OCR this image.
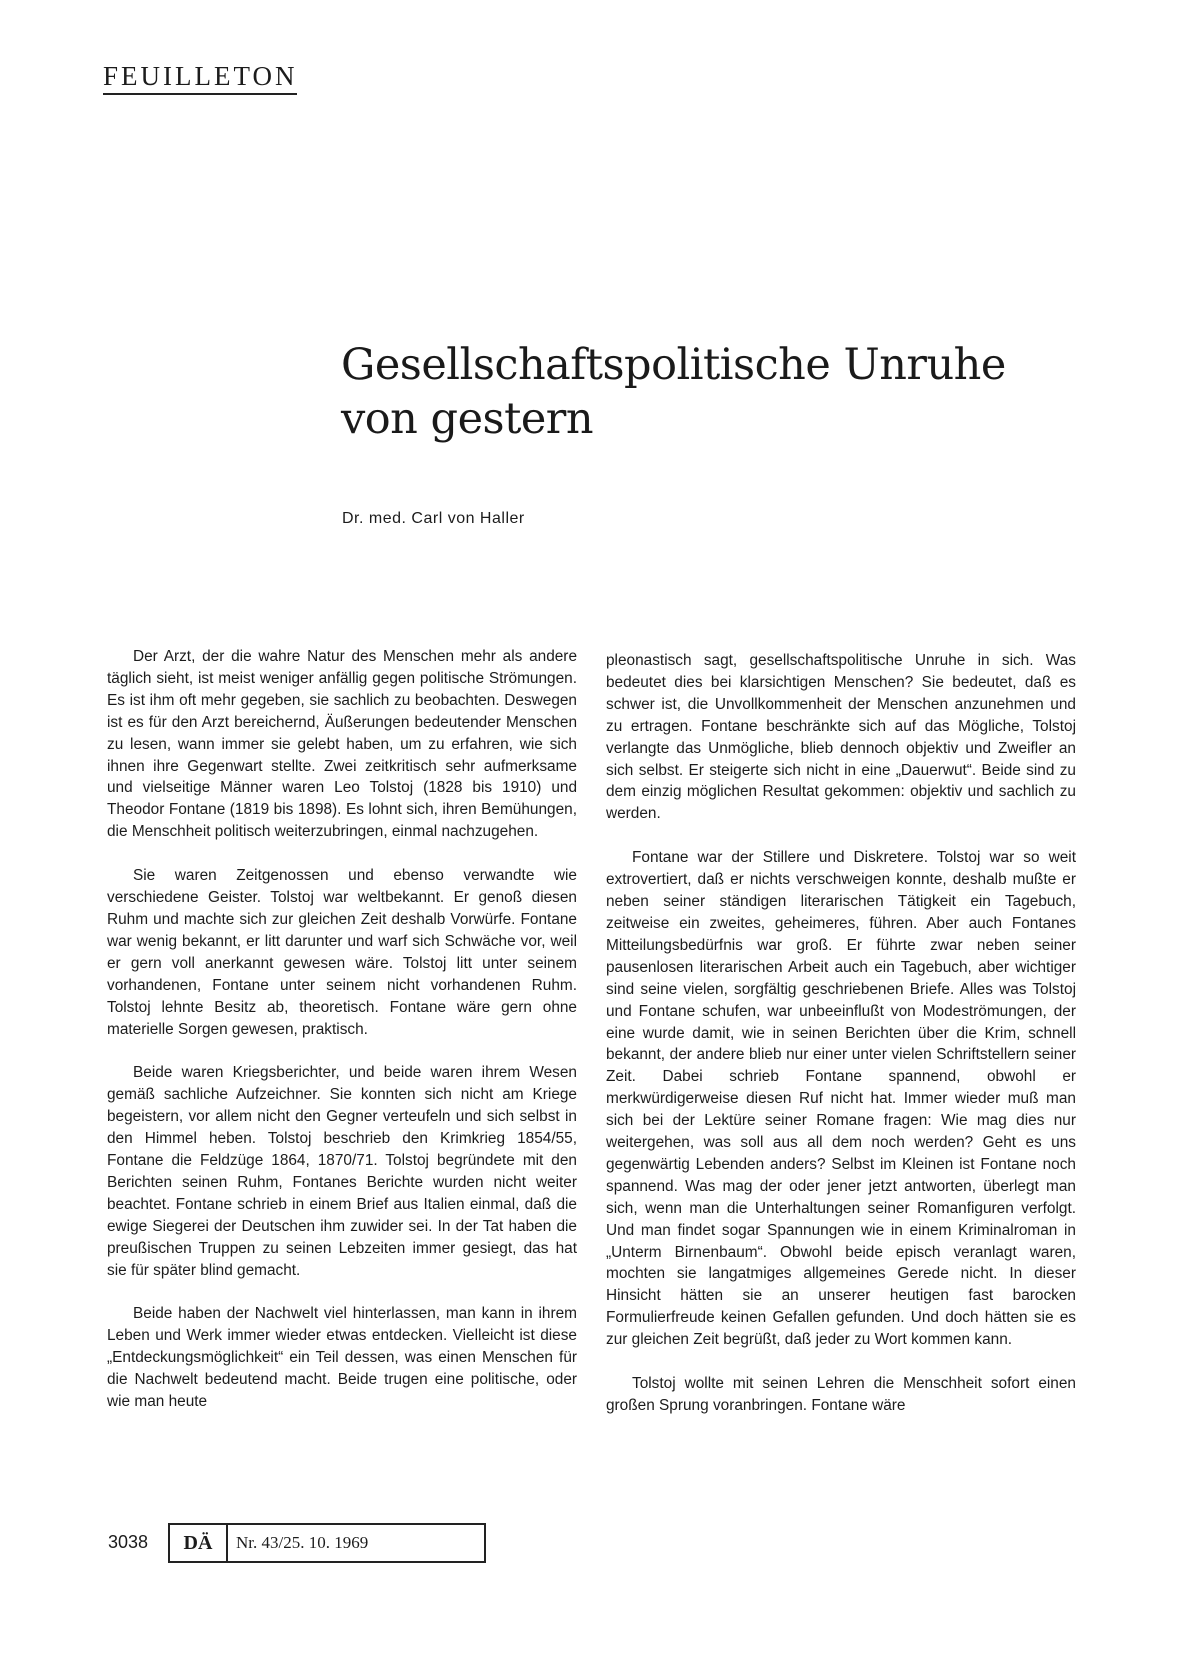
FEUILLETON
Gesellschaftspolitische Unruhe
von gestern
Dr. med. Carl von Haller

Der Arzt, der die wahre Natur des Menschen mehr als andere täglich sieht, ist meist weniger anfällig gegen politische Strömungen. Es ist ihm oft mehr gegeben, sie sachlich zu beobachten. Deswegen ist es für den Arzt bereichernd, Äußerungen bedeutender Menschen zu lesen, wann immer sie gelebt haben, um zu erfahren, wie sich ihnen ihre Gegenwart stellte. Zwei zeitkritisch sehr aufmerksame und vielseitige Männer waren Leo Tolstoj (1828 bis 1910) und Theodor Fontane (1819 bis 1898). Es lohnt sich, ihren Bemühungen, die Menschheit politisch weiterzubringen, einmal nachzugehen.

Sie waren Zeitgenossen und ebenso verwandte wie verschiedene Geister. Tolstoj war weltbekannt. Er genoß diesen Ruhm und machte sich zur gleichen Zeit deshalb Vorwürfe. Fontane war wenig bekannt, er litt darunter und warf sich Schwäche vor, weil er gern voll anerkannt gewesen wäre. Tolstoj litt unter seinem vorhandenen, Fontane unter seinem nicht vorhandenen Ruhm. Tolstoj lehnte Besitz ab, theoretisch. Fontane wäre gern ohne materielle Sorgen gewesen, praktisch.

Beide waren Kriegsberichter, und beide waren ihrem Wesen gemäß sachliche Aufzeichner. Sie konnten sich nicht am Kriege begeistern, vor allem nicht den Gegner verteufeln und sich selbst in den Himmel heben. Tolstoj beschrieb den Krimkrieg 1854/55, Fontane die Feldzüge 1864, 1870/71. Tolstoj begründete mit den Berichten seinen Ruhm, Fontanes Berichte wurden nicht weiter beachtet. Fontane schrieb in einem Brief aus Italien einmal, daß die ewige Siegerei der Deutschen ihm zuwider sei. In der Tat haben die preußischen Truppen zu seinen Lebzeiten immer gesiegt, das hat sie für später blind gemacht.

Beide haben der Nachwelt viel hinterlassen, man kann in ihrem Leben und Werk immer wieder etwas entdecken. Vielleicht ist diese „Entdeckungsmöglichkeit“ ein Teil dessen, was einen Menschen für die Nachwelt bedeutend macht. Beide trugen eine politische, oder wie man heute

pleonastisch sagt, gesellschaftspolitische Unruhe in sich. Was bedeutet dies bei klarsichtigen Menschen? Sie bedeutet, daß es schwer ist, die Unvollkommenheit der Menschen anzunehmen und zu ertragen. Fontane beschränkte sich auf das Mögliche, Tolstoj verlangte das Unmögliche, blieb dennoch objektiv und Zweifler an sich selbst. Er steigerte sich nicht in eine „Dauerwut“. Beide sind zu dem einzig möglichen Resultat gekommen: objektiv und sachlich zu werden.

Fontane war der Stillere und Diskretere. Tolstoj war so weit extrovertiert, daß er nichts verschweigen konnte, deshalb mußte er neben seiner ständigen literarischen Tätigkeit ein Tagebuch, zeitweise ein zweites, geheimeres, führen. Aber auch Fontanes Mitteilungsbedürfnis war groß. Er führte zwar neben seiner pausenlosen literarischen Arbeit auch ein Tagebuch, aber wichtiger sind seine vielen, sorgfältig geschriebenen Briefe. Alles was Tolstoj und Fontane schufen, war unbeeinflußt von Modeströmungen, der eine wurde damit, wie in seinen Berichten über die Krim, schnell bekannt, der andere blieb nur einer unter vielen Schriftstellern seiner Zeit. Dabei schrieb Fontane spannend, obwohl er merkwürdigerweise diesen Ruf nicht hat. Immer wieder muß man sich bei der Lektüre seiner Romane fragen: Wie mag dies nur weitergehen, was soll aus all dem noch werden? Geht es uns gegenwärtig Lebenden anders? Selbst im Kleinen ist Fontane noch spannend. Was mag der oder jener jetzt antworten, überlegt man sich, wenn man die Unterhaltungen seiner Romanfiguren verfolgt. Und man findet sogar Spannungen wie in einem Kriminalroman in „Unterm Birnenbaum“. Obwohl beide episch veranlagt waren, mochten sie langatmiges allgemeines Gerede nicht. In dieser Hinsicht hätten sie an unserer heutigen fast barocken Formulierfreude keinen Gefallen gefunden. Und doch hätten sie es zur gleichen Zeit begrüßt, daß jeder zu Wort kommen kann.

Tolstoj wollte mit seinen Lehren die Menschheit sofort einen großen Sprung voranbringen. Fontane wäre

3038	DÄ	Nr. 43/25. 10. 1969
